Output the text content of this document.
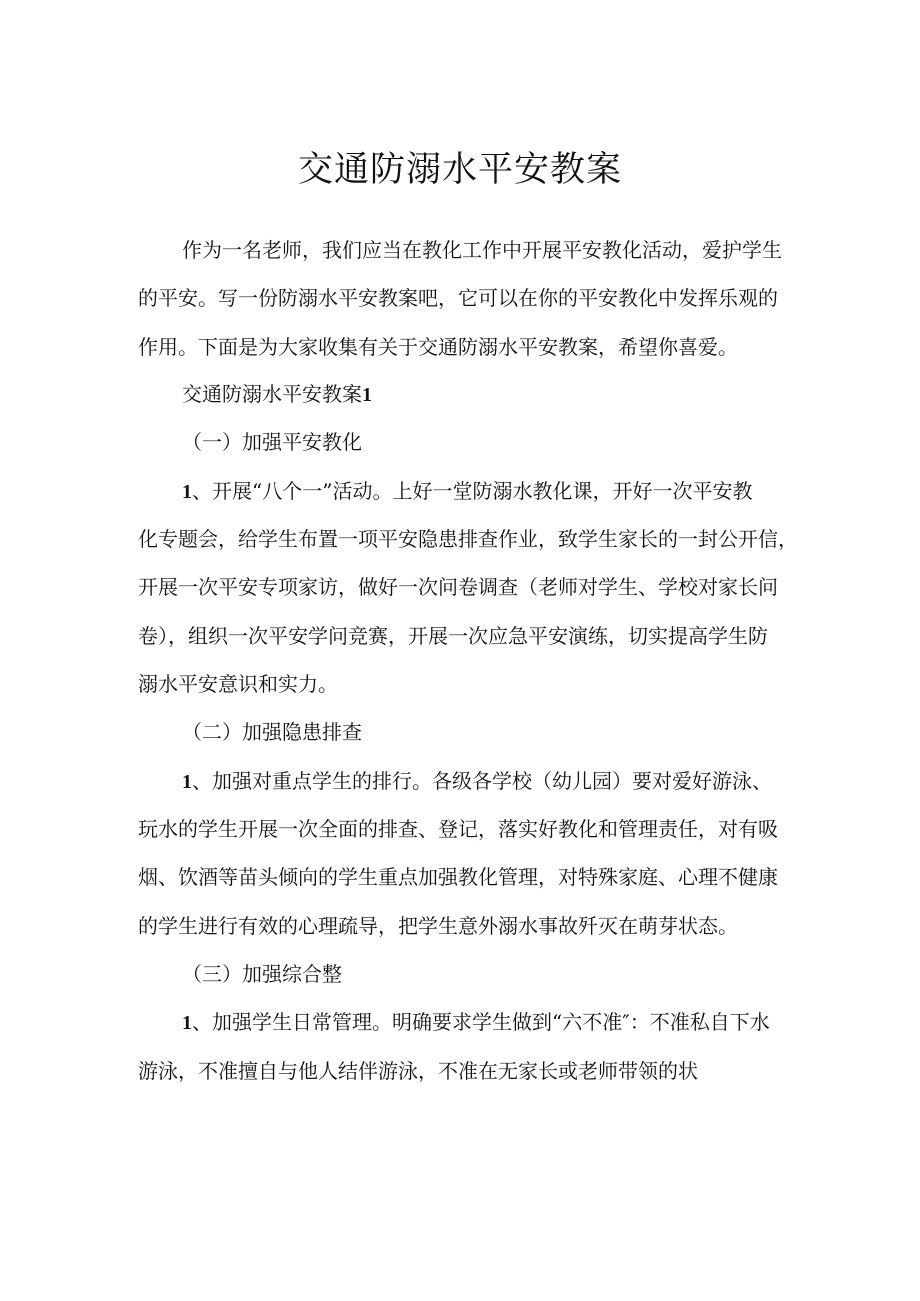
交通防溺水平安教案

作为一名老师，我们应当在教化工作中开展平安教化活动，爱护学生

的平安。写一份防溺水平安教案吧，它可以在你的平安教化中发挥乐观的

作用。下面是为大家收集有关于交通防溺水平安教案，希望你喜爱。

交通防溺水平安教案1

（一）加强平安教化

1、开展“八个一”活动。上好一堂防溺水教化课，开好一次平安教

化专题会，给学生布置一项平安隐患排查作业，致学生家长的一封公开信，

开展一次平安专项家访，做好一次问卷调查（老师对学生、学校对家长问

卷），组织一次平安学问竞赛，开展一次应急平安演练，切实提高学生防

溺水平安意识和实力。

（二）加强隐患排查

1、加强对重点学生的排行。各级各学校（幼儿园）要对爱好游泳、

玩水的学生开展一次全面的排查、登记，落实好教化和管理责任，对有吸

烟、饮酒等苗头倾向的学生重点加强教化管理，对特殊家庭、心理不健康

的学生进行有效的心理疏导，把学生意外溺水事故歼灭在萌芽状态。

（三）加强综合整

1、加强学生日常管理。明确要求学生做到“六不准″：不准私自下水

游泳，不准擅自与他人结伴游泳，不准在无家长或老师带领的状
